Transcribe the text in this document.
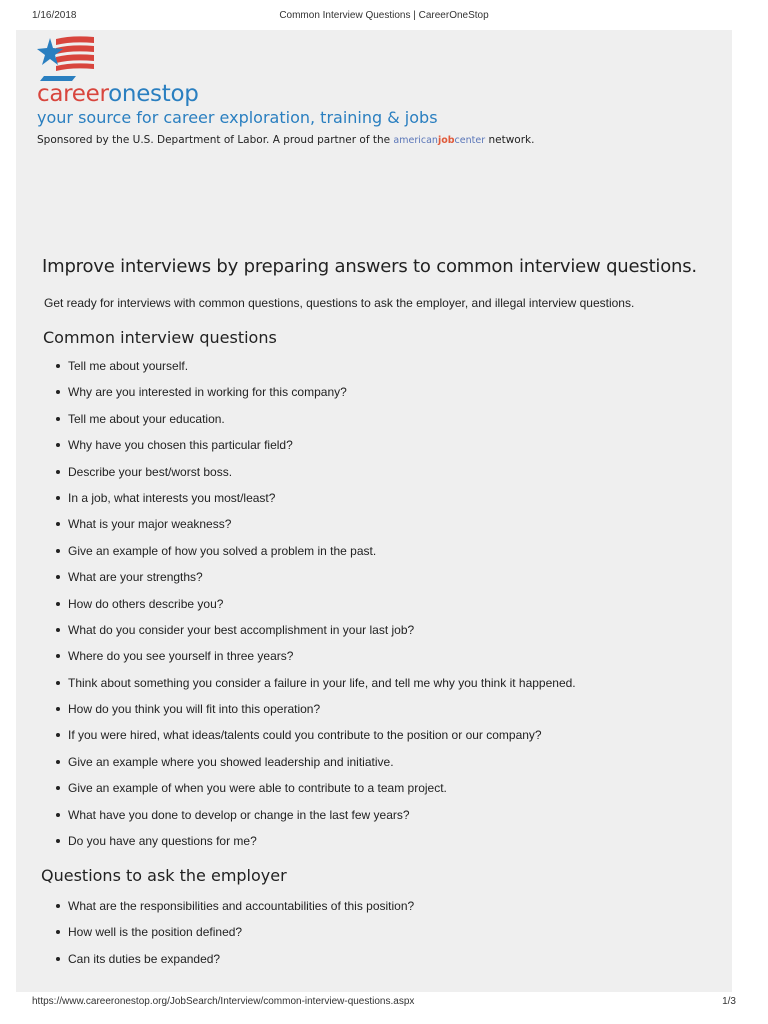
1/16/2018	Common Interview Questions | CareerOneStop
careeronestop
your source for career exploration, training & jobs
Sponsored by the U.S. Department of Labor. A proud partner of the americanjobcenter network.
Improve interviews by preparing answers to common interview questions.

Get ready for interviews with common questions, questions to ask the employer, and illegal interview questions.

Common interview questions
Tell me about yourself.
Why are you interested in working for this company?
Tell me about your education.
Why have you chosen this particular field?
Describe your best/worst boss.
In a job, what interests you most/least?
What is your major weakness?
Give an example of how you solved a problem in the past.
What are your strengths?
How do others describe you?
What do you consider your best accomplishment in your last job?
Where do you see yourself in three years?
Think about something you consider a failure in your life, and tell me why you think it happened.
How do you think you will fit into this operation?
If you were hired, what ideas/talents could you contribute to the position or our company?
Give an example where you showed leadership and initiative.
Give an example of when you were able to contribute to a team project.
What have you done to develop or change in the last few years?
Do you have any questions for me?
Questions to ask the employer
What are the responsibilities and accountabilities of this position?
How well is the position defined?
Can its duties be expanded?
https://www.careeronestop.org/JobSearch/Interview/common-interview-questions.aspx	1/3
